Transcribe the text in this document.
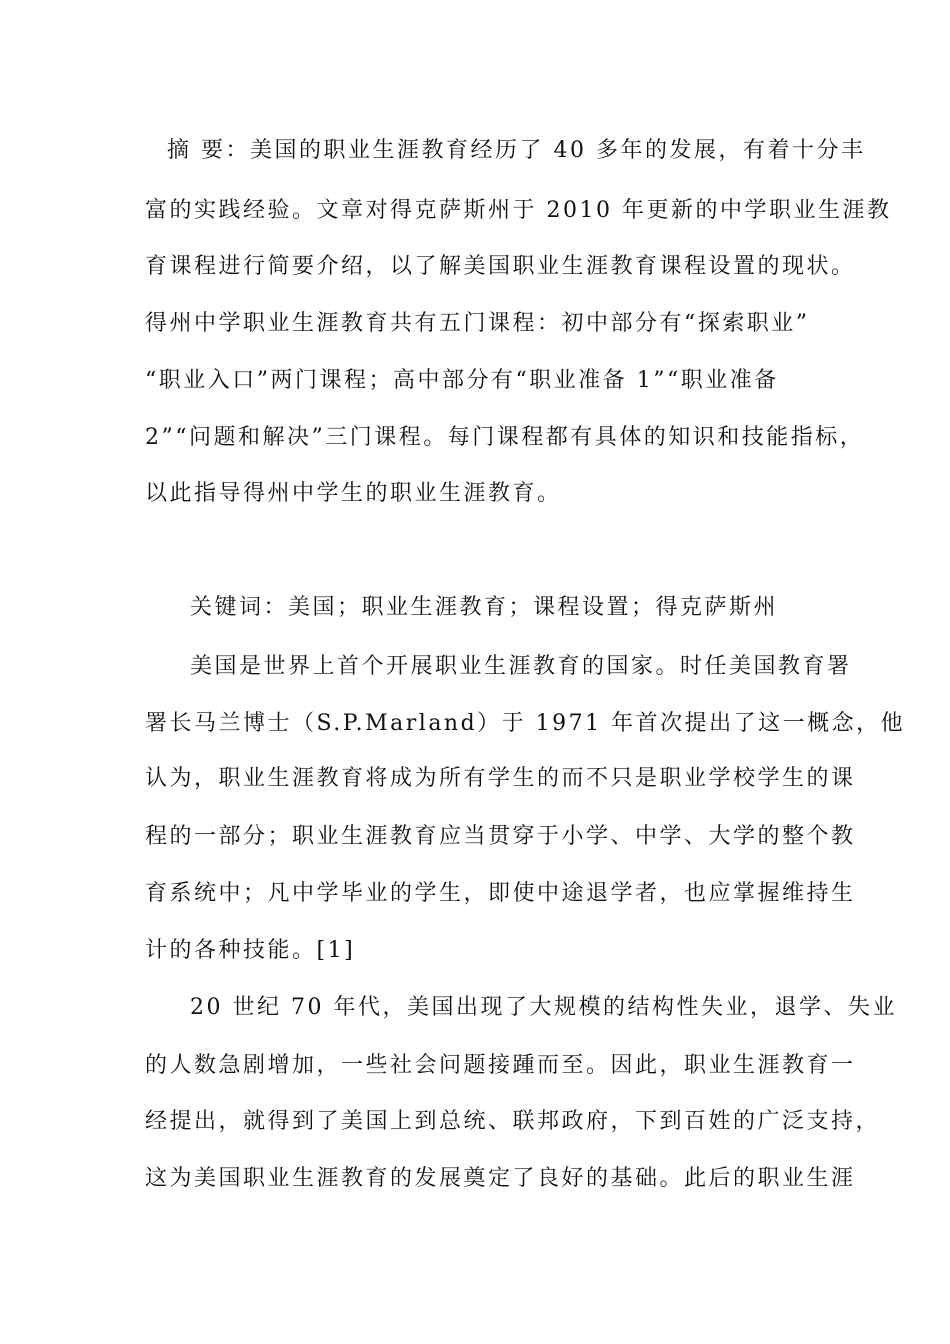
摘 要：美国的职业生涯教育经历了 40 多年的发展，有着十分丰
富的实践经验。文章对得克萨斯州于 2010 年更新的中学职业生涯教
育课程进行简要介绍，以了解美国职业生涯教育课程设置的现状。
得州中学职业生涯教育共有五门课程：初中部分有“探索职业”
“职业入口”两门课程；高中部分有“职业准备 1”“职业准备
2”“问题和解决”三门课程。每门课程都有具体的知识和技能指标，
以此指导得州中学生的职业生涯教育。
关键词：美国；职业生涯教育；课程设置；得克萨斯州
美国是世界上首个开展职业生涯教育的国家。时任美国教育署
署长马兰博士（S.P.Marland）于 1971 年首次提出了这一概念，他
认为，职业生涯教育将成为所有学生的而不只是职业学校学生的课
程的一部分；职业生涯教育应当贯穿于小学、中学、大学的整个教
育系统中；凡中学毕业的学生，即使中途退学者，也应掌握维持生
计的各种技能。[1]
20 世纪 70 年代，美国出现了大规模的结构性失业，退学、失业
的人数急剧增加，一些社会问题接踵而至。因此，职业生涯教育一
经提出，就得到了美国上到总统、联邦政府，下到百姓的广泛支持，
这为美国职业生涯教育的发展奠定了良好的基础。此后的职业生涯
